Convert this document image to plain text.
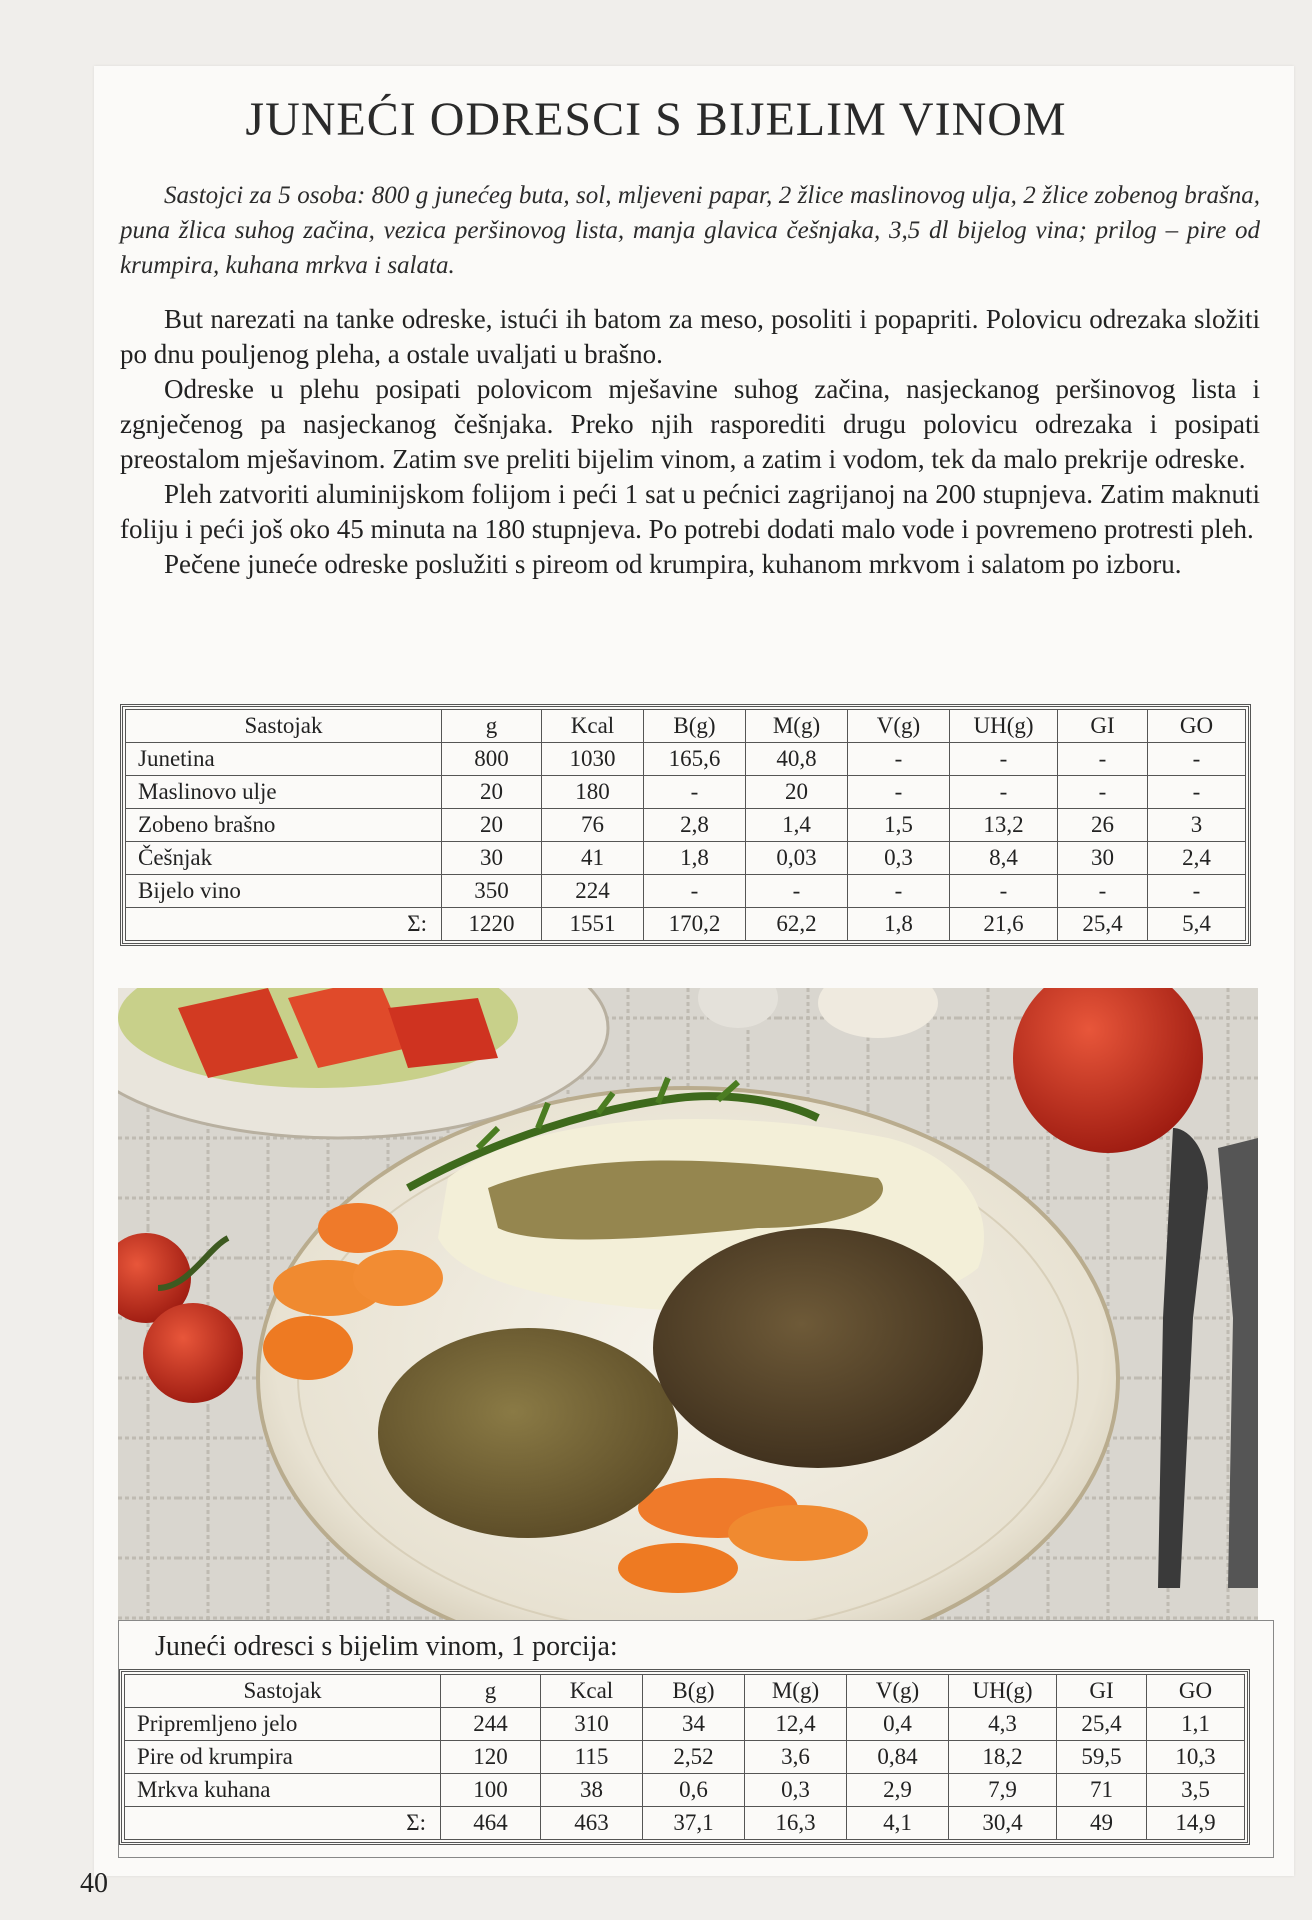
JUNEĆI ODRESCI S BIJELIM VINOM

Sastojci za 5 osoba: 800 g junećeg buta, sol, mljeveni papar, 2 žlice maslinovog ulja, 2 žlice zobenog brašna, puna žlica suhog začina, vezica peršinovog lista, manja glavica češnjaka, 3,5 dl bijelog vina; prilog – pire od krumpira, kuhana mrkva i salata.

But narezati na tanke odreske, istući ih batom za meso, posoliti i popapriti. Polovicu odrezaka složiti po dnu pouljenog pleha, a ostale uvaljati u brašno.

Odreske u plehu posipati polovicom mješavine suhog začina, nasjeckanog peršinovog lista i zgnječenog pa nasjeckanog češnjaka. Preko njih rasporediti drugu polovicu odrezaka i posipati preostalom mješavinom. Zatim sve preliti bijelim vinom, a zatim i vodom, tek da malo prekrije odreske.

Pleh zatvoriti aluminijskom folijom i peći 1 sat u pećnici zagrijanoj na 200 stupnjeva. Zatim maknuti foliju i peći još oko 45 minuta na 180 stupnjeva. Po potrebi dodati malo vode i povremeno protresti pleh.

Pečene juneće odreske poslužiti s pireom od krumpira, kuhanom mrkvom i salatom po izboru.

Sastojak	g	Kcal	B(g)	M(g)	V(g)	UH(g)	GI	GO
Junetina	800	1030	165,6	40,8	-	-	-	-
Maslinovo ulje	20	180	-	20	-	-	-	-
Zobeno brašno	20	76	2,8	1,4	1,5	13,2	26	3
Češnjak	30	41	1,8	0,03	0,3	8,4	30	2,4
Bijelo vino	350	224	-	-	-	-	-	-
Σ:	1220	1551	170,2	62,2	1,8	21,6	25,4	5,4

Juneći odresci s bijelim vinom, 1 porcija:

Sastojak	g	Kcal	B(g)	M(g)	V(g)	UH(g)	GI	GO
Pripremljeno jelo	244	310	34	12,4	0,4	4,3	25,4	1,1
Pire od krumpira	120	115	2,52	3,6	0,84	18,2	59,5	10,3
Mrkva kuhana	100	38	0,6	0,3	2,9	7,9	71	3,5
Σ:	464	463	37,1	16,3	4,1	30,4	49	14,9
40
